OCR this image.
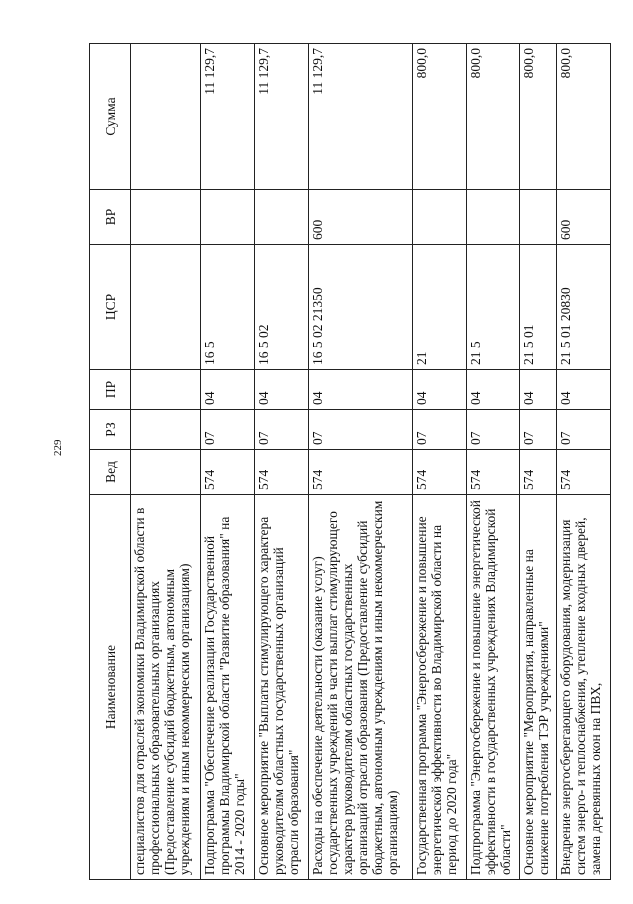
229
Наименование	Вед	РЗ	ПР	ЦСР	ВР	Сумма
специалистов для отраслей экономики Владимирской области в профессиональных образовательных организациях (Предоставление субсидий бюджетным, автономным учреждениям и иным некоммерческим организациям)						
Подпрограмма "Обеспечение реализации Государственной программы Владимирской области "Развитие образования" на 2014 - 2020 годы"	574	07	04	16 5		11 129,7
Основное мероприятие "Выплаты стимулирующего характера руководителям областных государственных организаций отрасли образования"	574	07	04	16 5 02		11 129,7
Расходы на обеспечение деятельности (оказание услуг) государственных учреждений в части выплат стимулирующего характера руководителям областных государственных организаций отрасли образования (Предоставление субсидий бюджетным, автономным учреждениям и иным некоммерческим организациям)	574	07	04	16 5 02 21350	600	11 129,7
Государственная программа "Энергосбережение и повышение энергетической эффективности во Владимирской области на период до 2020 года"	574	07	04	21		800,0
Подпрограмма "Энергосбережение и повышение энергетической эффективности в государственных учреждениях Владимирской области"	574	07	04	21 5		800,0
Основное мероприятие "Мероприятия, направленные на снижение потребления ТЭР учреждениями"	574	07	04	21 5 01		800,0
Внедрение энергосберегающего оборудования, модернизация систем энерго- и теплоснабжения, утепление входных дверей, замена деревянных окон на ПВХ,	574	07	04	21 5 01 20830	600	800,0
